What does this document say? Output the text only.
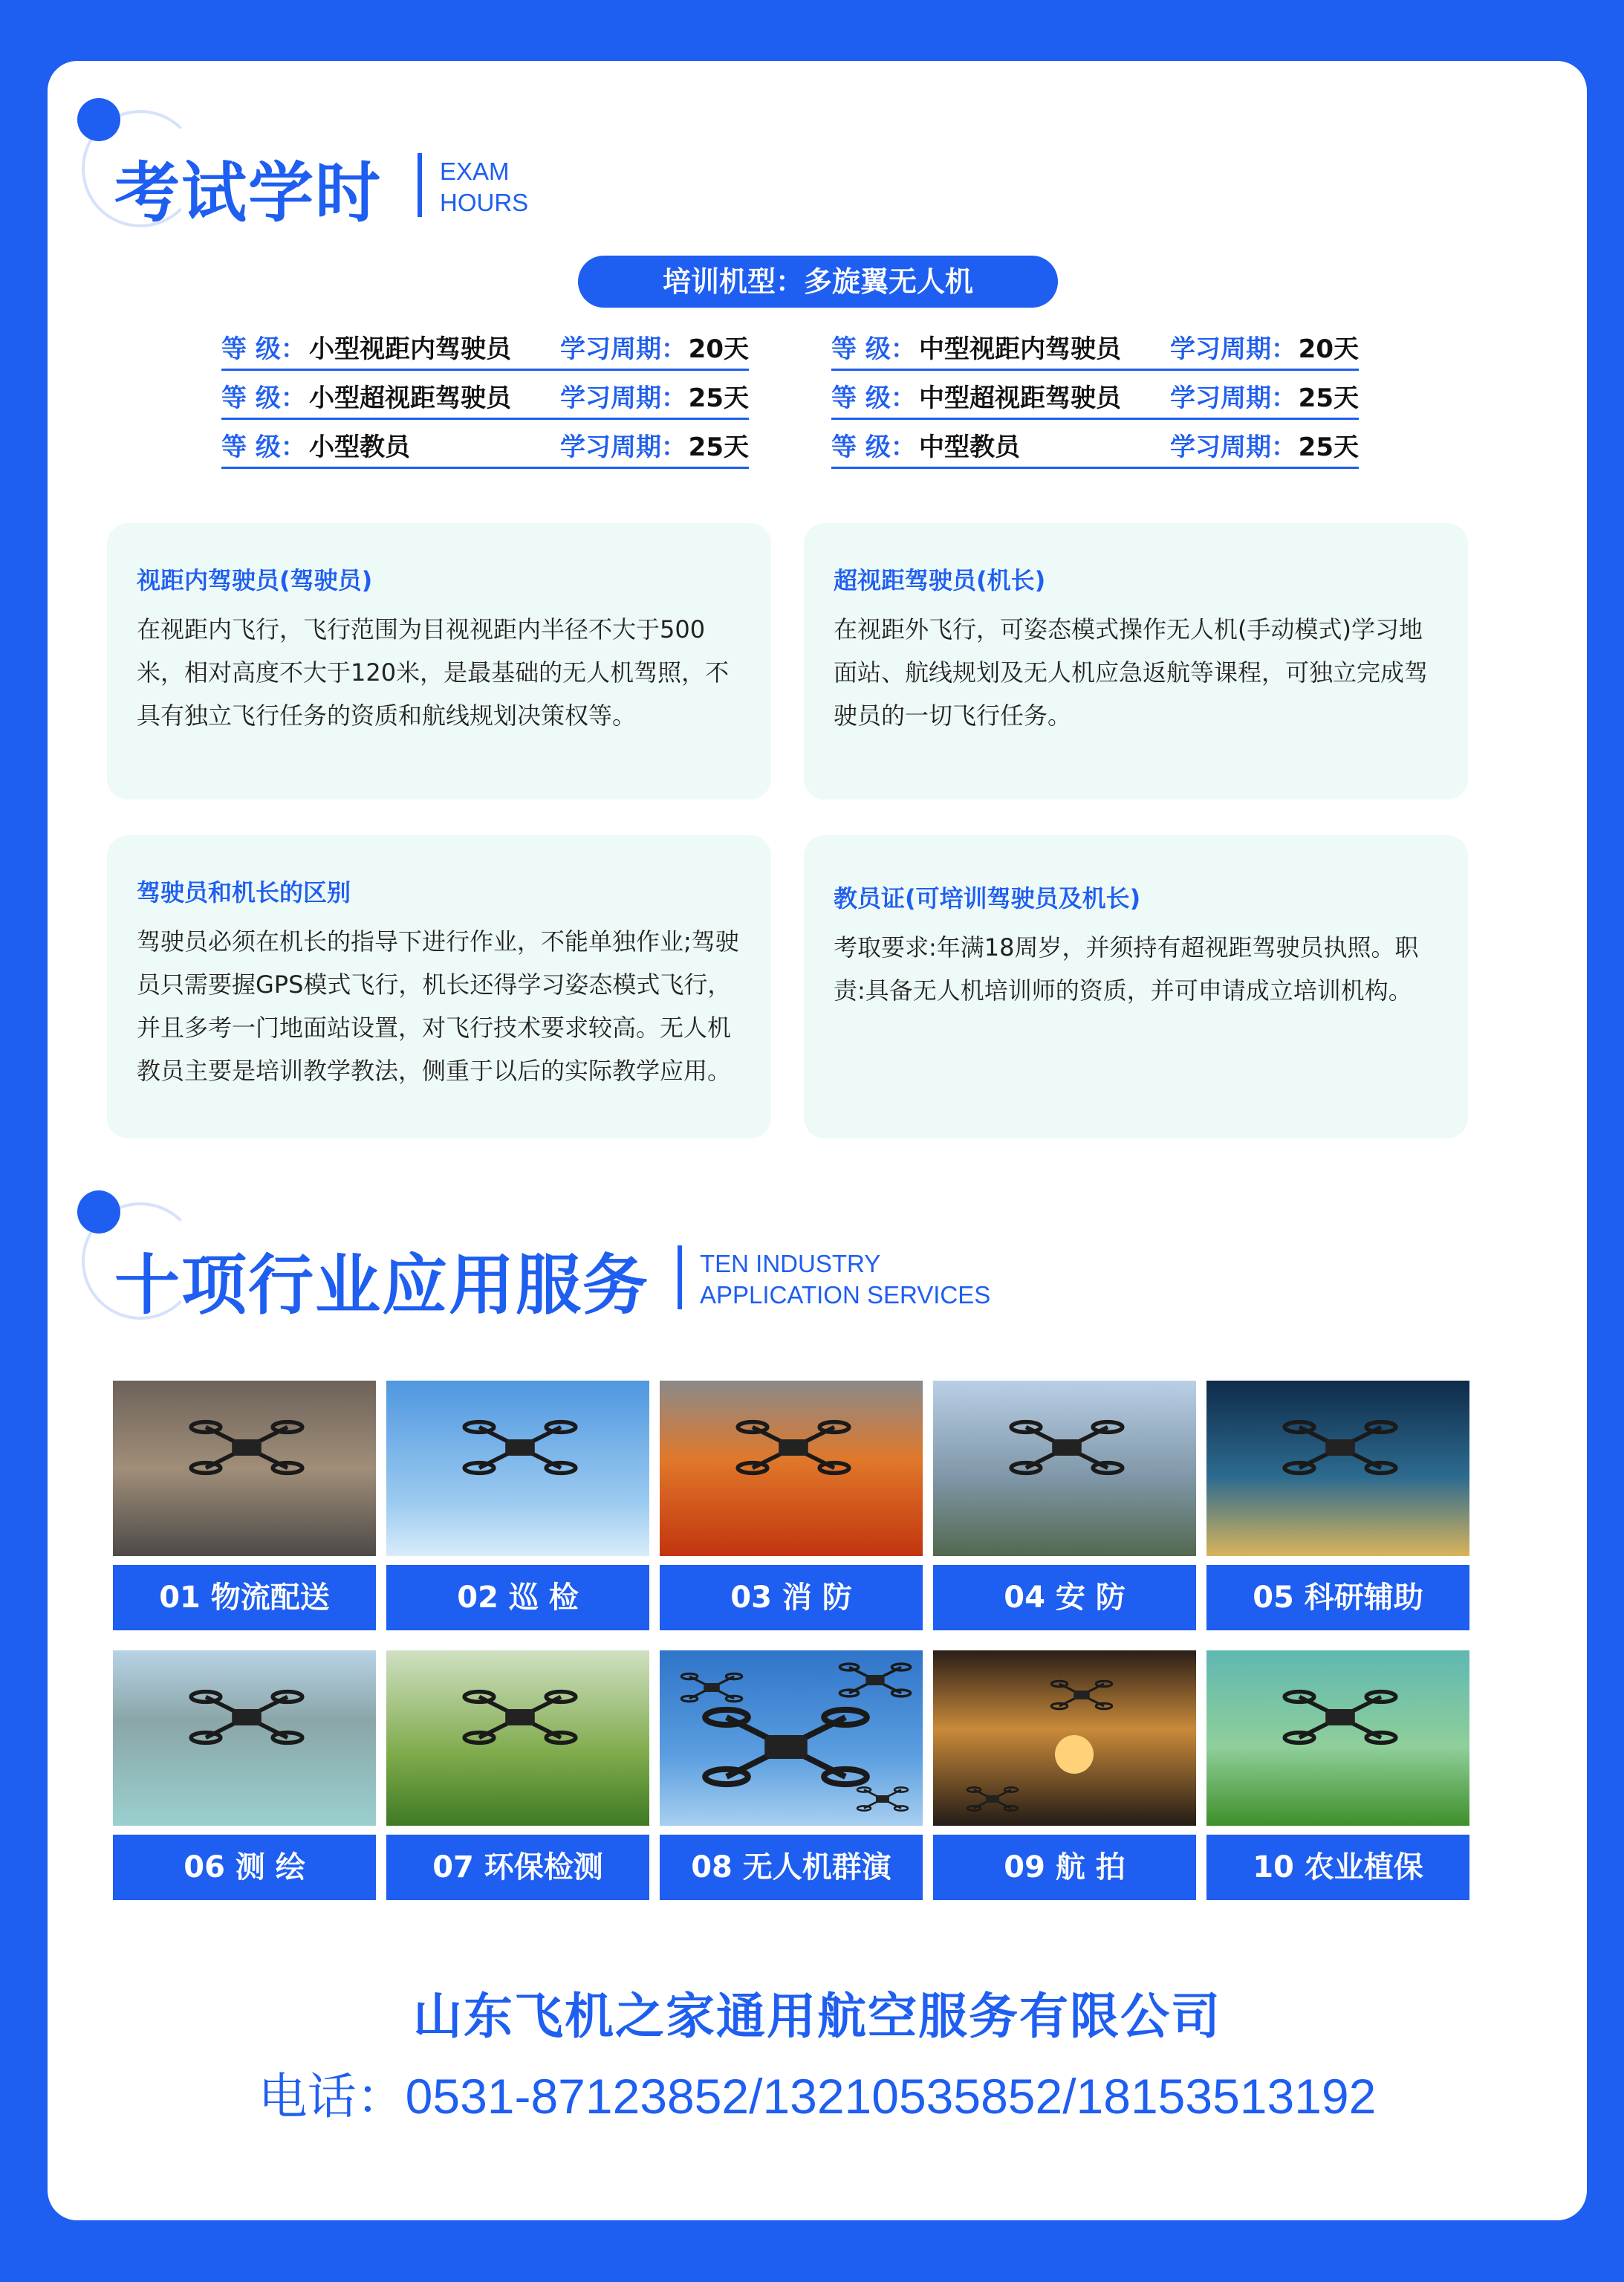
考试学时 EXAM
HOURS
培训机型：多旋翼无人机
等 级： 小型视距内驾驶员 学习周期： 20天
等 级： 小型超视距驾驶员 学习周期： 25天
等 级： 小型教员	学习周期： 25天
等 级： 中型视距内驾驶员 学习周期： 20天
等 级： 中型超视距驾驶员 学习周期： 25天
等 级： 中型教员	学习周期： 25天
视距内驾驶员(驾驶员)
在视距内飞行，飞行范围为目视视距内半径不大于500米，相对高度不大于120米，是最基础的无人机驾照，不具有独立飞行任务的资质和航线规划决策权等。
超视距驾驶员(机长)
在视距外飞行，可姿态模式操作无人机(手动模式)学习地面站、航线规划及无人机应急返航等课程，可独立完成驾驶员的一切飞行任务。
驾驶员和机长的区别
驾驶员必须在机长的指导下进行作业，不能单独作业;驾驶员只需要握GPS模式飞行，机长还得学习姿态模式飞行，并且多考一门地面站设置，对飞行技术要求较高。无人机教员主要是培训教学教法，侧重于以后的实际教学应用。
教员证(可培训驾驶员及机长)
考取要求:年满18周岁，并须持有超视距驾驶员执照。职责:具备无人机培训师的资质，并可申请成立培训机构。
十项行业应用服务 TEN INDUSTRY
APPLICATION SERVICES
01 物流配送	02 巡 检	03 消 防	04 安 防	05 科研辅助
06 测 绘	07 环保检测	08 无人机群演	09 航 拍	10 农业植保
山东飞机之家通用航空服务有限公司
电话：0531-87123852/13210535852/18153513192
